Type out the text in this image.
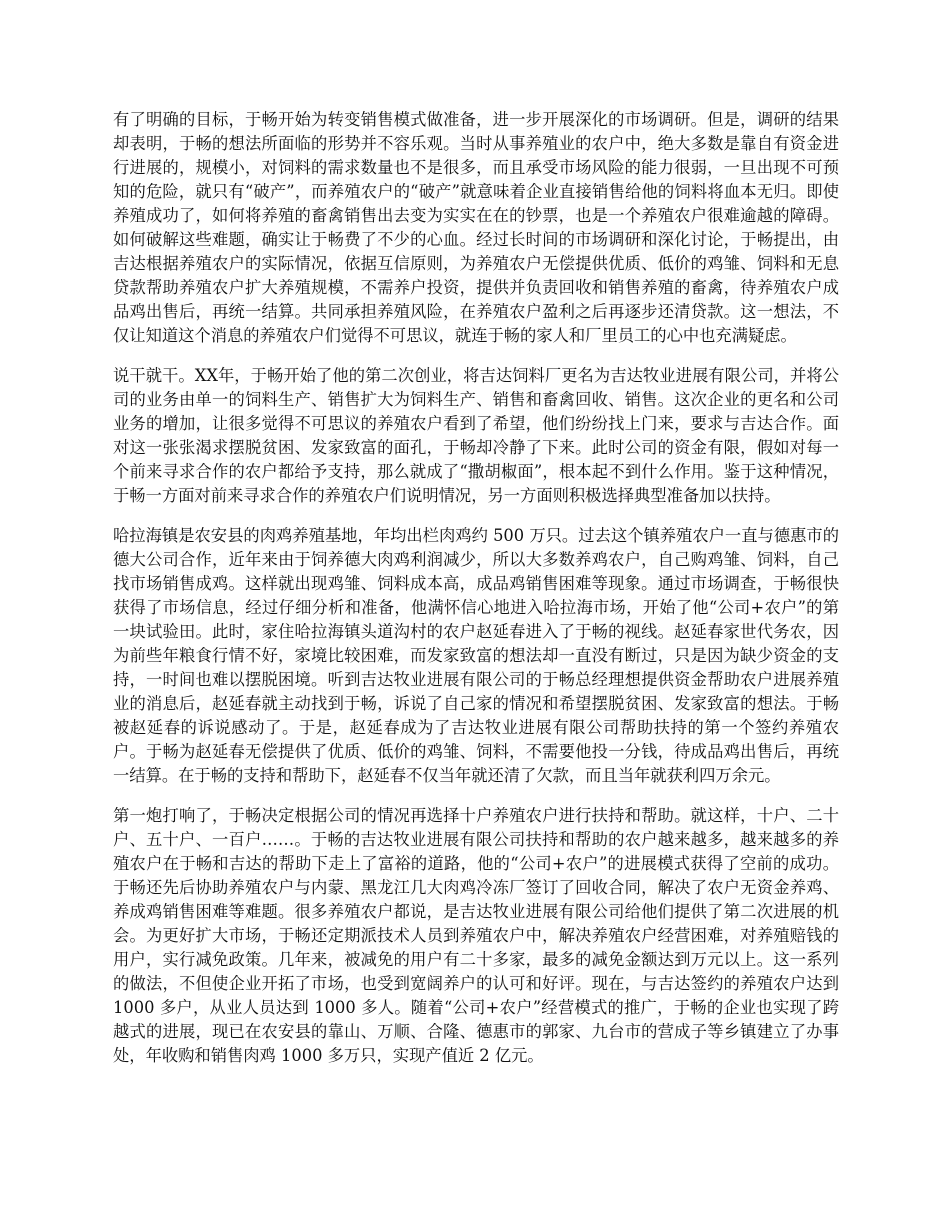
有了明确的目标，于畅开始为转变销售模式做准备，进一步开展深化的市场调研。但是，调研的结果却表明，于畅的想法所面临的形势并不容乐观。当时从事养殖业的农户中，绝大多数是靠自有资金进行进展的，规模小，对饲料的需求数量也不是很多，而且承受市场风险的能力很弱，一旦出现不可预知的危险，就只有“破产”，而养殖农户的“破产”就意味着企业直接销售给他的饲料将血本无归。即使养殖成功了，如何将养殖的畜禽销售出去变为实实在在的钞票，也是一个养殖农户很难逾越的障碍。如何破解这些难题，确实让于畅费了不少的心血。经过长时间的市场调研和深化讨论，于畅提出，由吉达根据养殖农户的实际情况，依据互信原则，为养殖农户无偿提供优质、低价的鸡雏、饲料和无息贷款帮助养殖农户扩大养殖规模，不需养户投资，提供并负责回收和销售养殖的畜禽，待养殖农户成品鸡出售后，再统一结算。共同承担养殖风险，在养殖农户盈利之后再逐步还清贷款。这一想法，不仅让知道这个消息的养殖农户们觉得不可思议，就连于畅的家人和厂里员工的心中也充满疑虑。

说干就干。XX年，于畅开始了他的第二次创业，将吉达饲料厂更名为吉达牧业进展有限公司，并将公司的业务由单一的饲料生产、销售扩大为饲料生产、销售和畜禽回收、销售。这次企业的更名和公司业务的增加，让很多觉得不可思议的养殖农户看到了希望，他们纷纷找上门来，要求与吉达合作。面对这一张张渴求摆脱贫困、发家致富的面孔，于畅却冷静了下来。此时公司的资金有限，假如对每一个前来寻求合作的农户都给予支持，那么就成了“撒胡椒面”，根本起不到什么作用。鉴于这种情况，于畅一方面对前来寻求合作的养殖农户们说明情况，另一方面则积极选择典型准备加以扶持。

哈拉海镇是农安县的肉鸡养殖基地，年均出栏肉鸡约 500 万只。过去这个镇养殖农户一直与德惠市的德大公司合作，近年来由于饲养德大肉鸡利润减少，所以大多数养鸡农户，自己购鸡雏、饲料，自己找市场销售成鸡。这样就出现鸡雏、饲料成本高，成品鸡销售困难等现象。通过市场调查，于畅很快获得了市场信息，经过仔细分析和准备，他满怀信心地进入哈拉海市场，开始了他“公司+农户”的第一块试验田。此时，家住哈拉海镇头道沟村的农户赵延春进入了于畅的视线。赵延春家世代务农，因为前些年粮食行情不好，家境比较困难，而发家致富的想法却一直没有断过，只是因为缺少资金的支持，一时间也难以摆脱困境。听到吉达牧业进展有限公司的于畅总经理想提供资金帮助农户进展养殖业的消息后，赵延春就主动找到于畅，诉说了自己家的情况和希望摆脱贫困、发家致富的想法。于畅被赵延春的诉说感动了。于是，赵延春成为了吉达牧业进展有限公司帮助扶持的第一个签约养殖农户。于畅为赵延春无偿提供了优质、低价的鸡雏、饲料，不需要他投一分钱，待成品鸡出售后，再统一结算。在于畅的支持和帮助下，赵延春不仅当年就还清了欠款，而且当年就获利四万余元。

第一炮打响了，于畅决定根据公司的情况再选择十户养殖农户进行扶持和帮助。就这样，十户、二十户、五十户、一百户……。于畅的吉达牧业进展有限公司扶持和帮助的农户越来越多，越来越多的养殖农户在于畅和吉达的帮助下走上了富裕的道路，他的“公司+农户”的进展模式获得了空前的成功。于畅还先后协助养殖农户与内蒙、黑龙江几大肉鸡冷冻厂签订了回收合同，解决了农户无资金养鸡、养成鸡销售困难等难题。很多养殖农户都说，是吉达牧业进展有限公司给他们提供了第二次进展的机会。为更好扩大市场，于畅还定期派技术人员到养殖农户中，解决养殖农户经营困难，对养殖赔钱的用户，实行减免政策。几年来，被减免的用户有二十多家，最多的减免金额达到万元以上。这一系列的做法，不但使企业开拓了市场，也受到宽阔养户的认可和好评。现在，与吉达签约的养殖农户达到 1000 多户，从业人员达到 1000 多人。随着“公司+农户”经营模式的推广，于畅的企业也实现了跨越式的进展，现已在农安县的靠山、万顺、合隆、德惠市的郭家、九台市的营成子等乡镇建立了办事处，年收购和销售肉鸡 1000 多万只，实现产值近 2 亿元。
